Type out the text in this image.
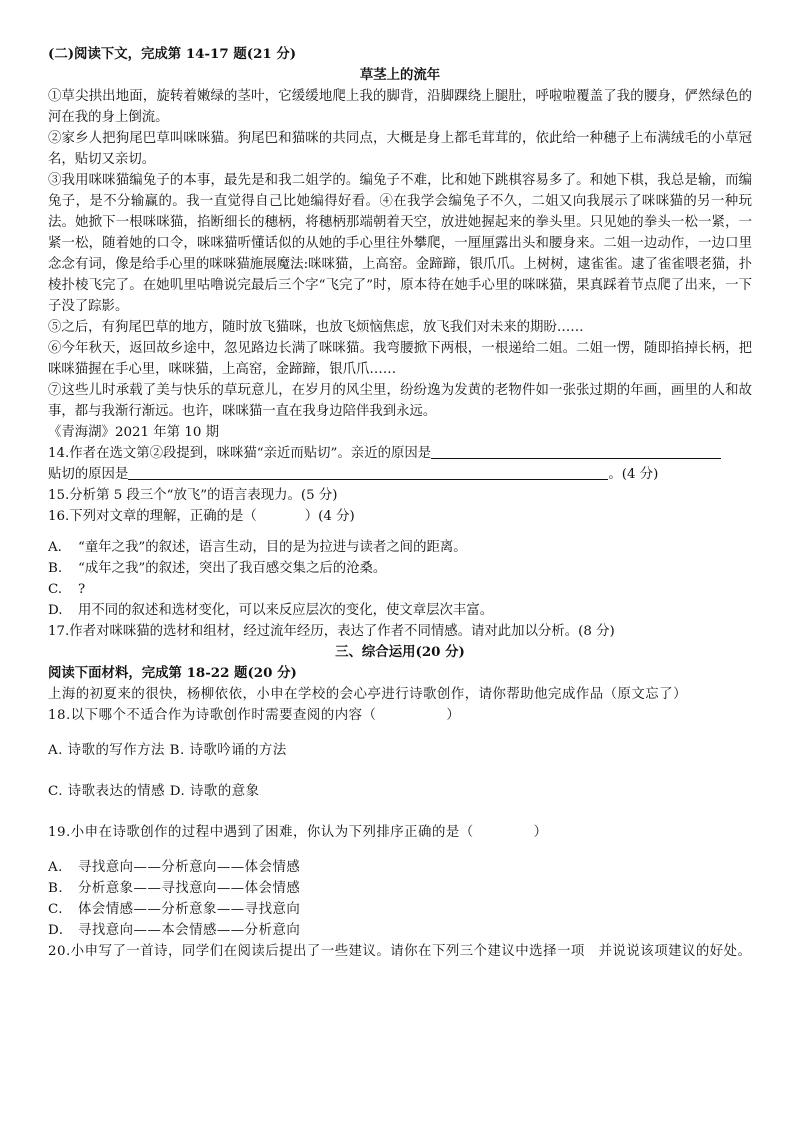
(二)阅读下文，完成第 14-17 题(21 分)
草茎上的流年
①草尖拱出地面，旋转着嫩绿的茎叶，它缓缓地爬上我的脚背，沿脚踝绕上腿肚，呼啦啦覆盖了我的腰身，俨然绿色的河在我的身上倒流。
②家乡人把狗尾巴草叫咪咪猫。狗尾巴和猫咪的共同点，大概是身上都毛茸茸的，依此给一种穗子上布满绒毛的小草冠名，贴切又亲切。
③我用咪咪猫编兔子的本事，最先是和我二姐学的。编兔子不难，比和她下跳棋容易多了。和她下棋，我总是输，而编兔子，是不分输赢的。我一直觉得自己比她编得好看。④在我学会编兔子不久，二姐又向我展示了咪咪猫的另一种玩法。她掀下一根咪咪猫，掐断细长的穗柄，将穗柄那端朝着天空，放进她握起来的拳头里。只见她的拳头一松一紧，一紧一松，随着她的口令，咪咪猫听懂话似的从她的手心里往外攀爬，一厘厘露出头和腰身来。二姐一边动作，一边口里念念有词，像是给手心里的咪咪猫施展魔法:咪咪猫，上高窑。金蹄蹄，银爪爪。上树树，逮雀雀。逮了雀雀喂老猫，扑棱扑棱飞完了。在她叽里咕噜说完最后三个字“飞完了”时，原本待在她手心里的咪咪猫，果真踩着节点爬了出来，一下子没了踪影。
⑤之后，有狗尾巴草的地方，随时放飞猫咪，也放飞烦恼焦虑，放飞我们对未来的期盼……
⑥今年秋天，返回故乡途中，忽见路边长满了咪咪猫。我弯腰掀下两根，一根递给二姐。二姐一愣，随即掐掉长柄，把咪咪猫握在手心里，咪咪猫，上高窑，金蹄蹄，银爪爪……
⑦这些儿时承载了美与快乐的草玩意儿，在岁月的风尘里，纷纷逸为发黄的老物件如一张张过期的年画，画里的人和故事，都与我渐行渐远。也许，咪咪猫一直在我身边陪伴我到永远。
《青海湖》2021 年第 10 期
14.作者在选文第②段提到，咪咪猫“亲近而贴切”。亲近的原因是
贴切的原因是	。(4 分)
15.分析第 5 段三个“放飞”的语言表现力。(5 分)
16.下列对文章的理解，正确的是（	）(4 分)
A. “童年之我”的叙述，语言生动，目的是为拉进与读者之间的距离。
B. “成年之我”的叙述，突出了我百感交集之后的沧桑。
C. ?
D. 用不同的叙述和选材变化，可以来反应层次的变化，使文章层次丰富。
17.作者对咪咪猫的选材和组材，经过流年经历，表达了作者不同情感。请对此加以分析。(8 分)
三、综合运用(20 分)
阅读下面材料，完成第 18-22 题(20 分)
上海的初夏来的很快，杨柳依依，小申在学校的会心亭进行诗歌创作，请你帮助他完成作品（原文忘了）
18.以下哪个不适合作为诗歌创作时需要查阅的内容（	）
A. 诗歌的写作方法 B. 诗歌吟诵的方法
C. 诗歌表达的情感 D. 诗歌的意象
19.小申在诗歌创作的过程中遇到了困难，你认为下列排序正确的是（	）
A. 寻找意向——分析意向——体会情感
B. 分析意象——寻找意向——体会情感
C. 体会情感——分析意象——寻找意向
D. 寻找意向——本会情感——分析意向
20.小申写了一首诗，同学们在阅读后提出了一些建议。请你在下列三个建议中选择一项　并说说该项建议的好处。
